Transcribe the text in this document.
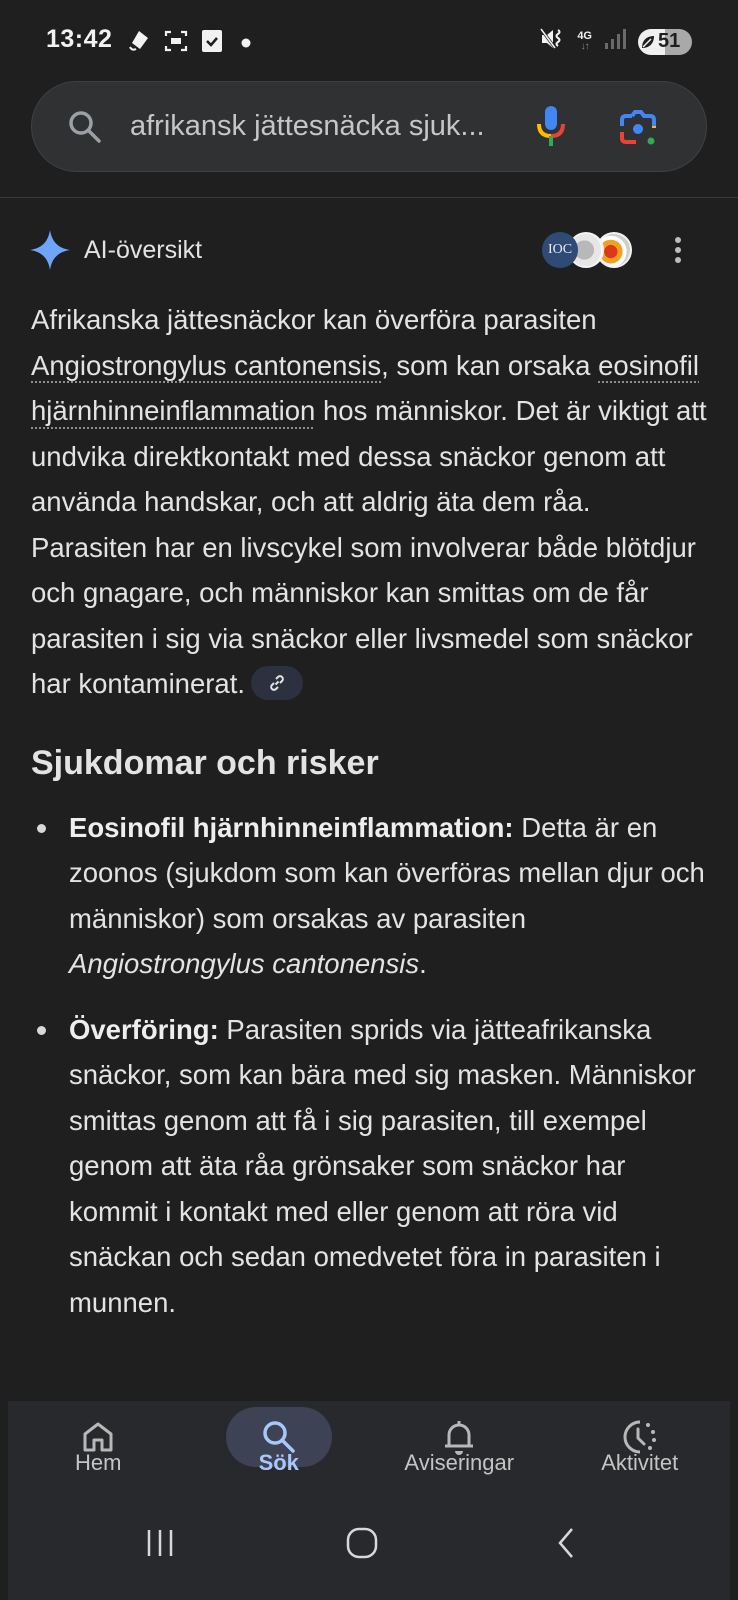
13:42	4G
↓↑	51
afrikansk jättesnäcka sjuk...
AI-översikt	IOC

Afrikanska jättesnäckor kan överföra parasiten Angiostrongylus cantonensis, som kan orsaka eosinofil hjärnhinneinflammation hos människor. Det är viktigt att undvika direktkontakt med dessa snäckor genom att använda handskar, och att aldrig äta dem råa. Parasiten har en livscykel som involverar både blötdjur och gnagare, och människor kan smittas om de får parasiten i sig via snäckor eller livsmedel som snäckor har kontaminerat.

Sjukdomar och risker
Eosinofil hjärnhinneinflammation: Detta är en zoonos (sjukdom som kan överföras mellan djur och människor) som orsakas av parasiten Angiostrongylus cantonensis.
Överföring: Parasiten sprids via jätteafrikanska snäckor, som kan bära med sig masken. Människor smittas genom att få i sig parasiten, till exempel genom att äta råa grönsaker som snäckor har kommit i kontakt med eller genom att röra vid snäckan och sedan omedvetet föra in parasiten i munnen.
Hem	Sök	Aviseringar	Aktivitet
